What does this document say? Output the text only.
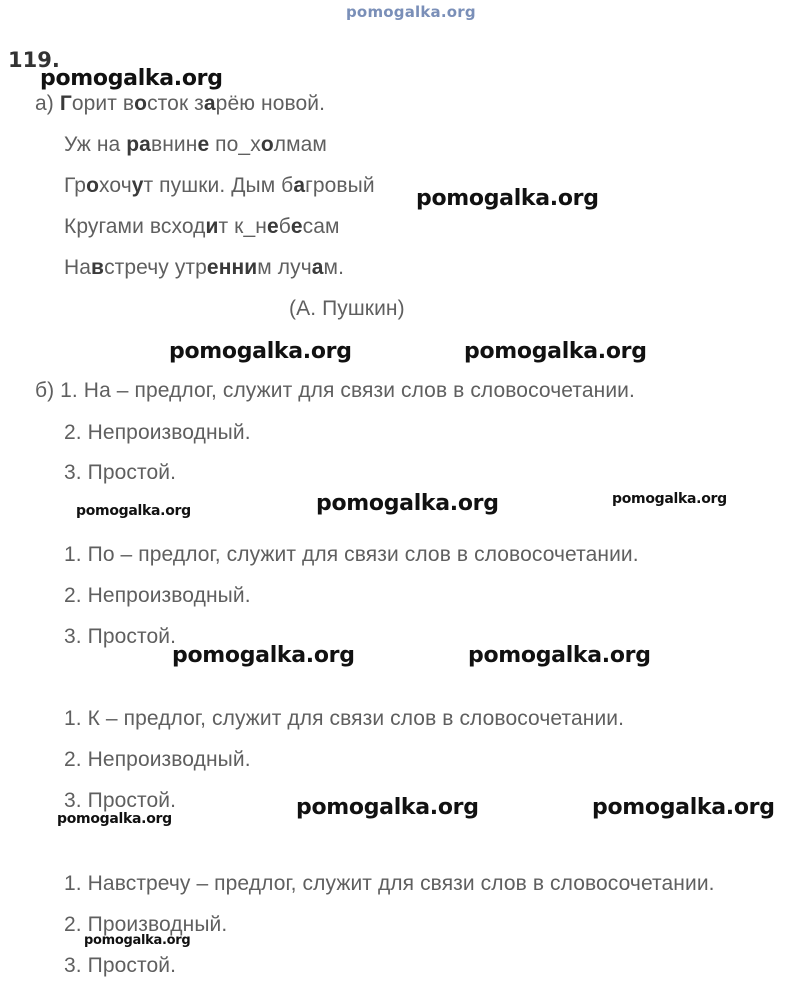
pomogalka.org
119.
а) Горит восток зарёю новой.
Уж на равнине по_холмам
Грохочут пушки. Дым багровый
Кругами всходит к_небесам
Навстречу утренним лучам.
(А. Пушкин)
б) 1. На – предлог, служит для связи слов в словосочетании.
2. Непроизводный.
3. Простой.
1. По – предлог, служит для связи слов в словосочетании.
2. Непроизводный.
3. Простой.
1. К – предлог, служит для связи слов в словосочетании.
2. Непроизводный.
3. Простой.
1. Навстречу – предлог, служит для связи слов в словосочетании.
2. Производный.
3. Простой.
pomogalka.org
pomogalka.org
pomogalka.org	pomogalka.org
pomogalka.org	pomogalka.org	pomogalka.org
pomogalka.org	pomogalka.org
pomogalka.org	pomogalka.org
pomogalka.org
pomogalka.org
